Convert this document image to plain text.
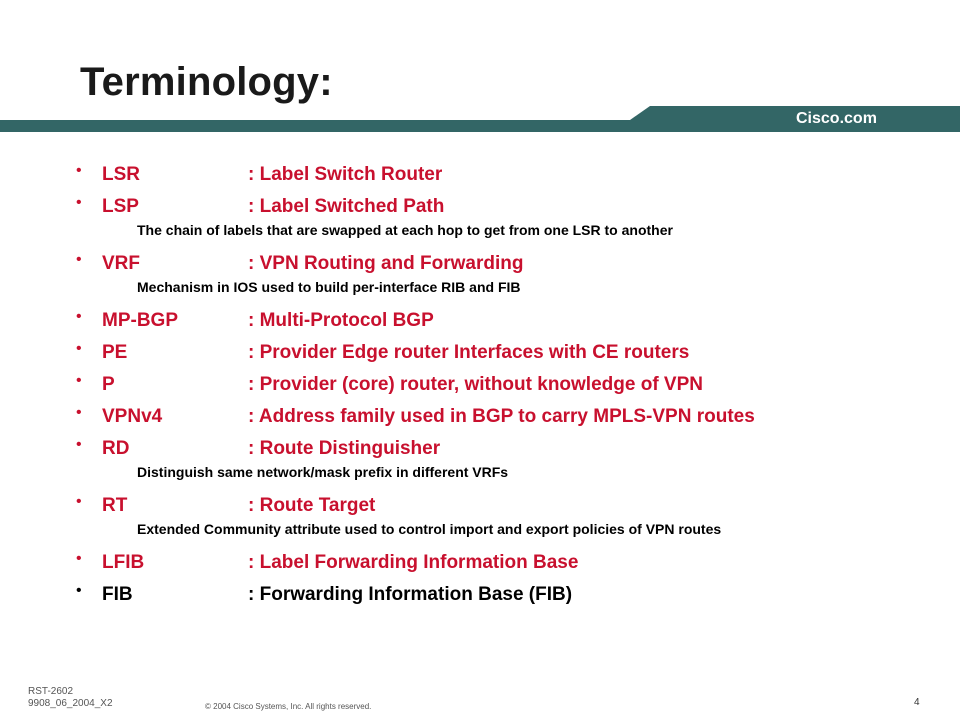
Terminology:
Cisco.com
• LSR	: Label Switch Router
• LSP	: Label Switched Path
The chain of labels that are swapped at each hop to get from one LSR to another
• VRF	: VPN Routing and Forwarding
Mechanism in IOS used to build per-interface RIB and FIB
• MP-BGP	: Multi-Protocol BGP
• PE	: Provider Edge router Interfaces with CE routers
• P	: Provider (core) router, without knowledge of VPN
• VPNv4	: Address family used in BGP to carry MPLS-VPN routes
• RD	: Route Distinguisher
Distinguish same network/mask prefix in different VRFs
• RT	: Route Target
Extended Community attribute used to control import and export policies of VPN routes
• LFIB	: Label Forwarding Information Base
• FIB	: Forwarding Information Base (FIB)
RST-2602
9908_06_2004_X2	© 2004 Cisco Systems, Inc. All rights reserved.	4
